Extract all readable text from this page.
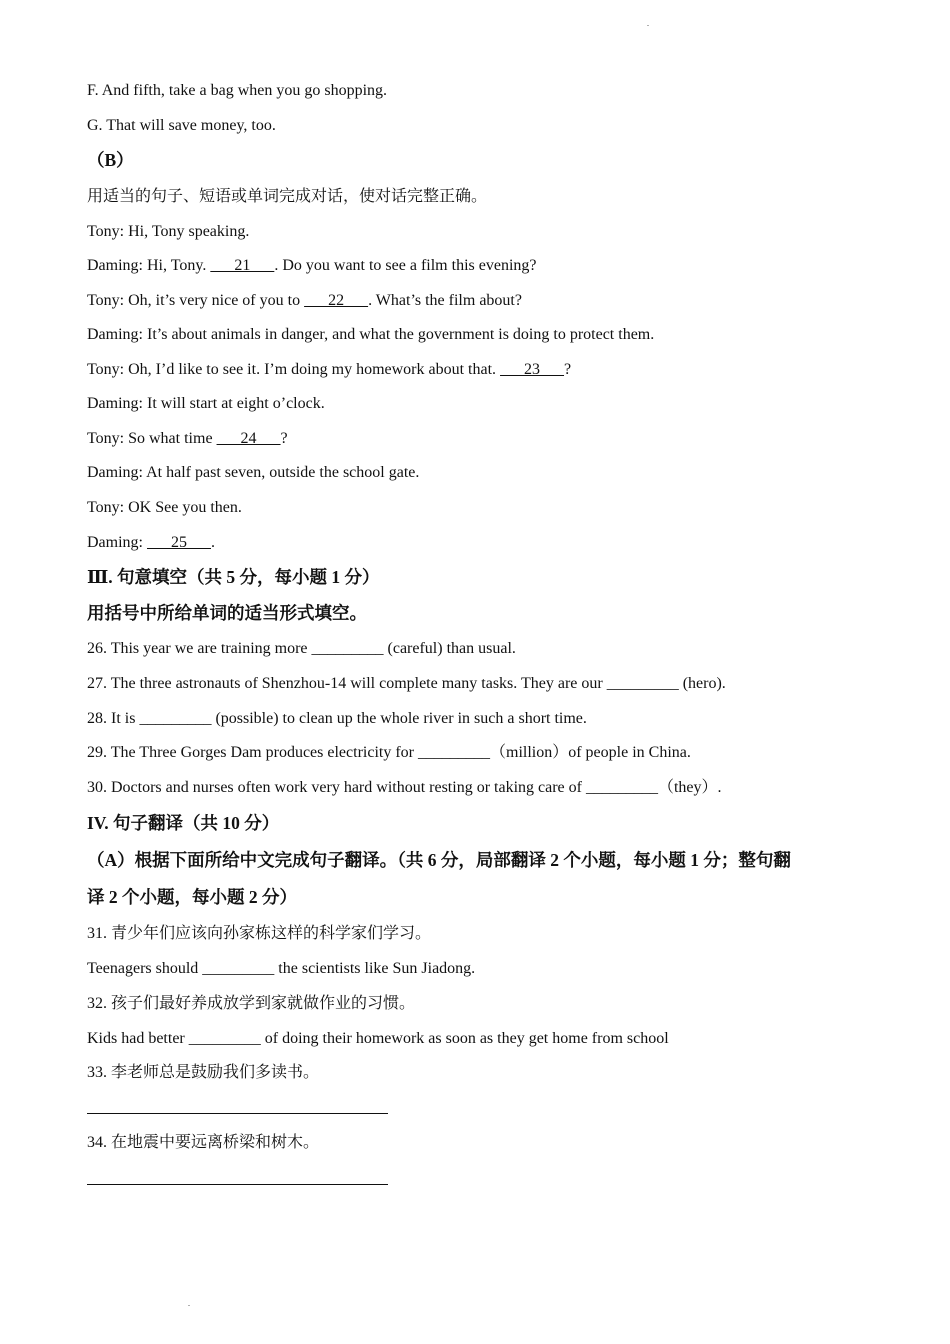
F. And fifth, take a bag when you go shopping.
G. That will save money, too.
（B）
用适当的句子、短语或单词完成对话，使对话完整正确。
Tony: Hi, Tony speaking.
Daming: Hi, Tony.       21      . Do you want to see a film this evening?
Tony: Oh, it’s very nice of you to       22      . What’s the film about?
Daming: It’s about animals in danger, and what the government is doing to protect them.
Tony: Oh, I’d like to see it. I’m doing my homework about that.       23      ?
Daming: It will start at eight o’clock.
Tony: So what time       24      ?
Daming: At half past seven, outside the school gate.
Tony: OK See you then.
Daming:       25      .
Ⅲ. 句意填空（共 5 分，每小题 1 分）
用括号中所给单词的适当形式填空。
26. This year we are training more _________ (careful) than usual.
27. The three astronauts of Shenzhou-14 will complete many tasks. They are our _________ (hero).
28. It is _________ (possible) to clean up the whole river in such a short time.
29. The Three Gorges Dam produces electricity for _________（million）of people in China.
30. Doctors and nurses often work very hard without resting or taking care of _________（they）.
IV. 句子翻译（共 10 分）
（A）根据下面所给中文完成句子翻译。（共 6 分，局部翻译 2 个小题，每小题 1 分；整句翻
译 2 个小题，每小题 2 分）
31. 青少年们应该向孙家栋这样的科学家们学习。
Teenagers should _________ the scientists like Sun Jiadong.
32. 孩子们最好养成放学到家就做作业的习惯。
Kids had better _________ of doing their homework as soon as they get home from school
33. 李老师总是鼓励我们多读书。
34. 在地震中要远离桥梁和树木。
